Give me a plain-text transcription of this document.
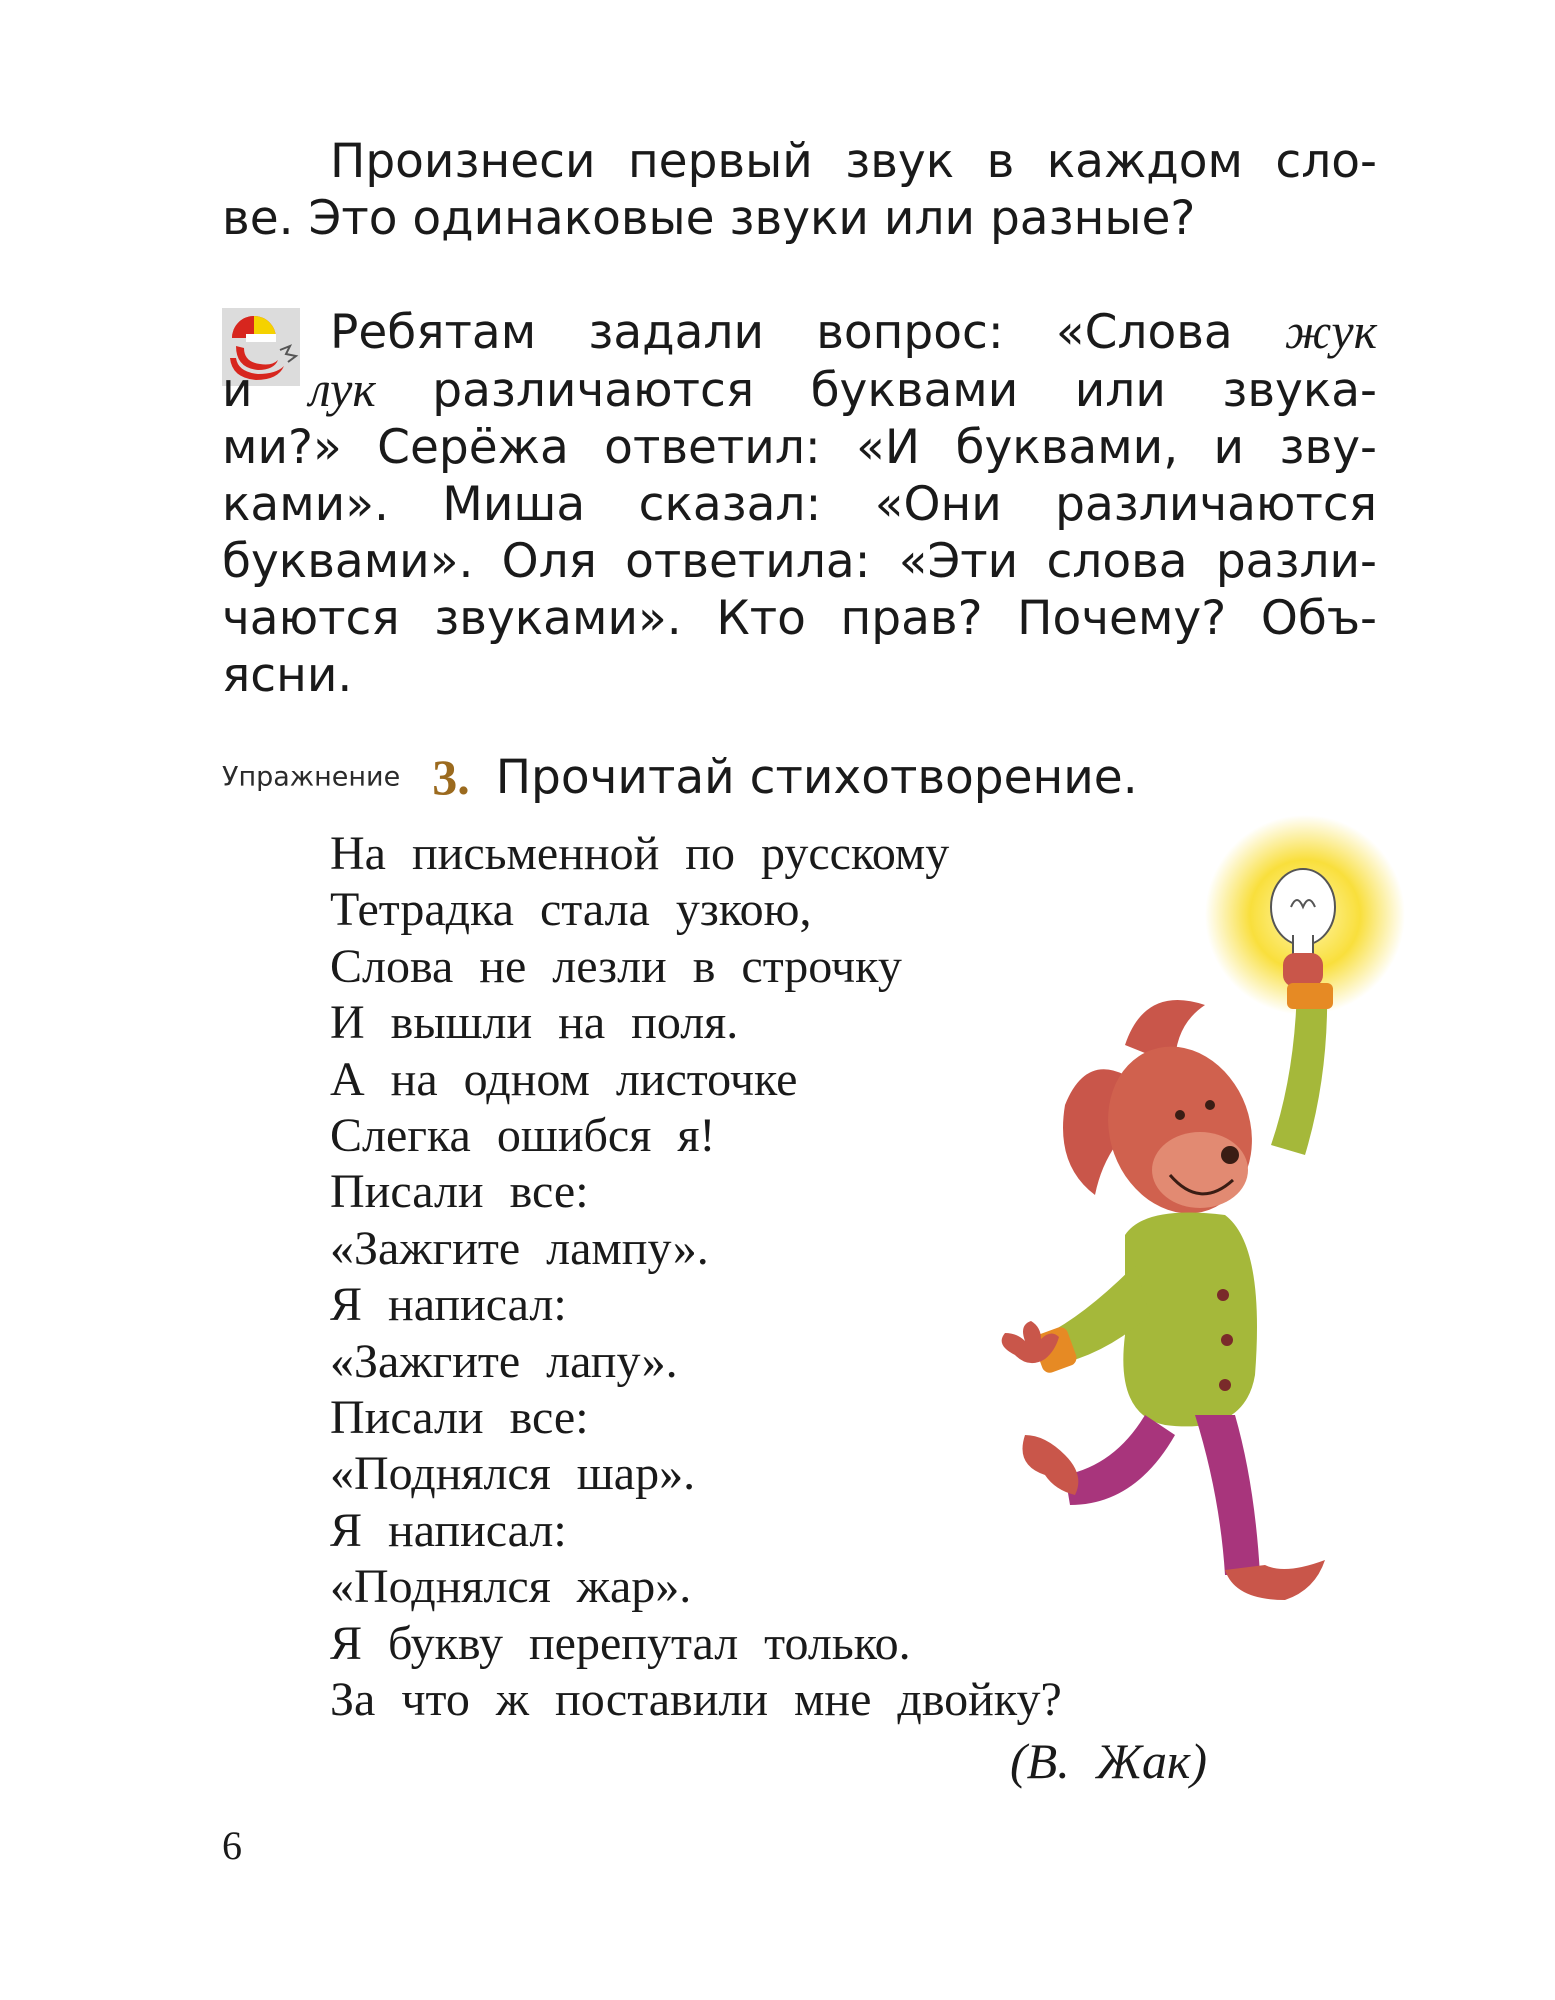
Произнеси первый звук в каждом сло-
ве. Это одинаковые звуки или разные?
Ребятам задали вопрос: «Слова жук
и лук различаются буквами или звука-
ми?» Серёжа ответил: «И буквами, и зву-
ками». Миша сказал: «Они различаются
буквами». Оля ответила: «Эти слова разли-
чаются звуками». Кто прав? Почему? Объ-
ясни.
Упражнение 3. Прочитай стихотворение.
На письменной по русскому
Тетрадка стала узкою,
Слова не лезли в строчку
И вышли на поля.
А на одном листочке
Слегка ошибся я!
Писали все:
«Зажгите лампу».
Я написал:
«Зажгите лапу».
Писали все:
«Поднялся шар».
Я написал:
«Поднялся жар».
Я букву перепутал только.
За что ж поставили мне двойку?
(В. Жак)
6
